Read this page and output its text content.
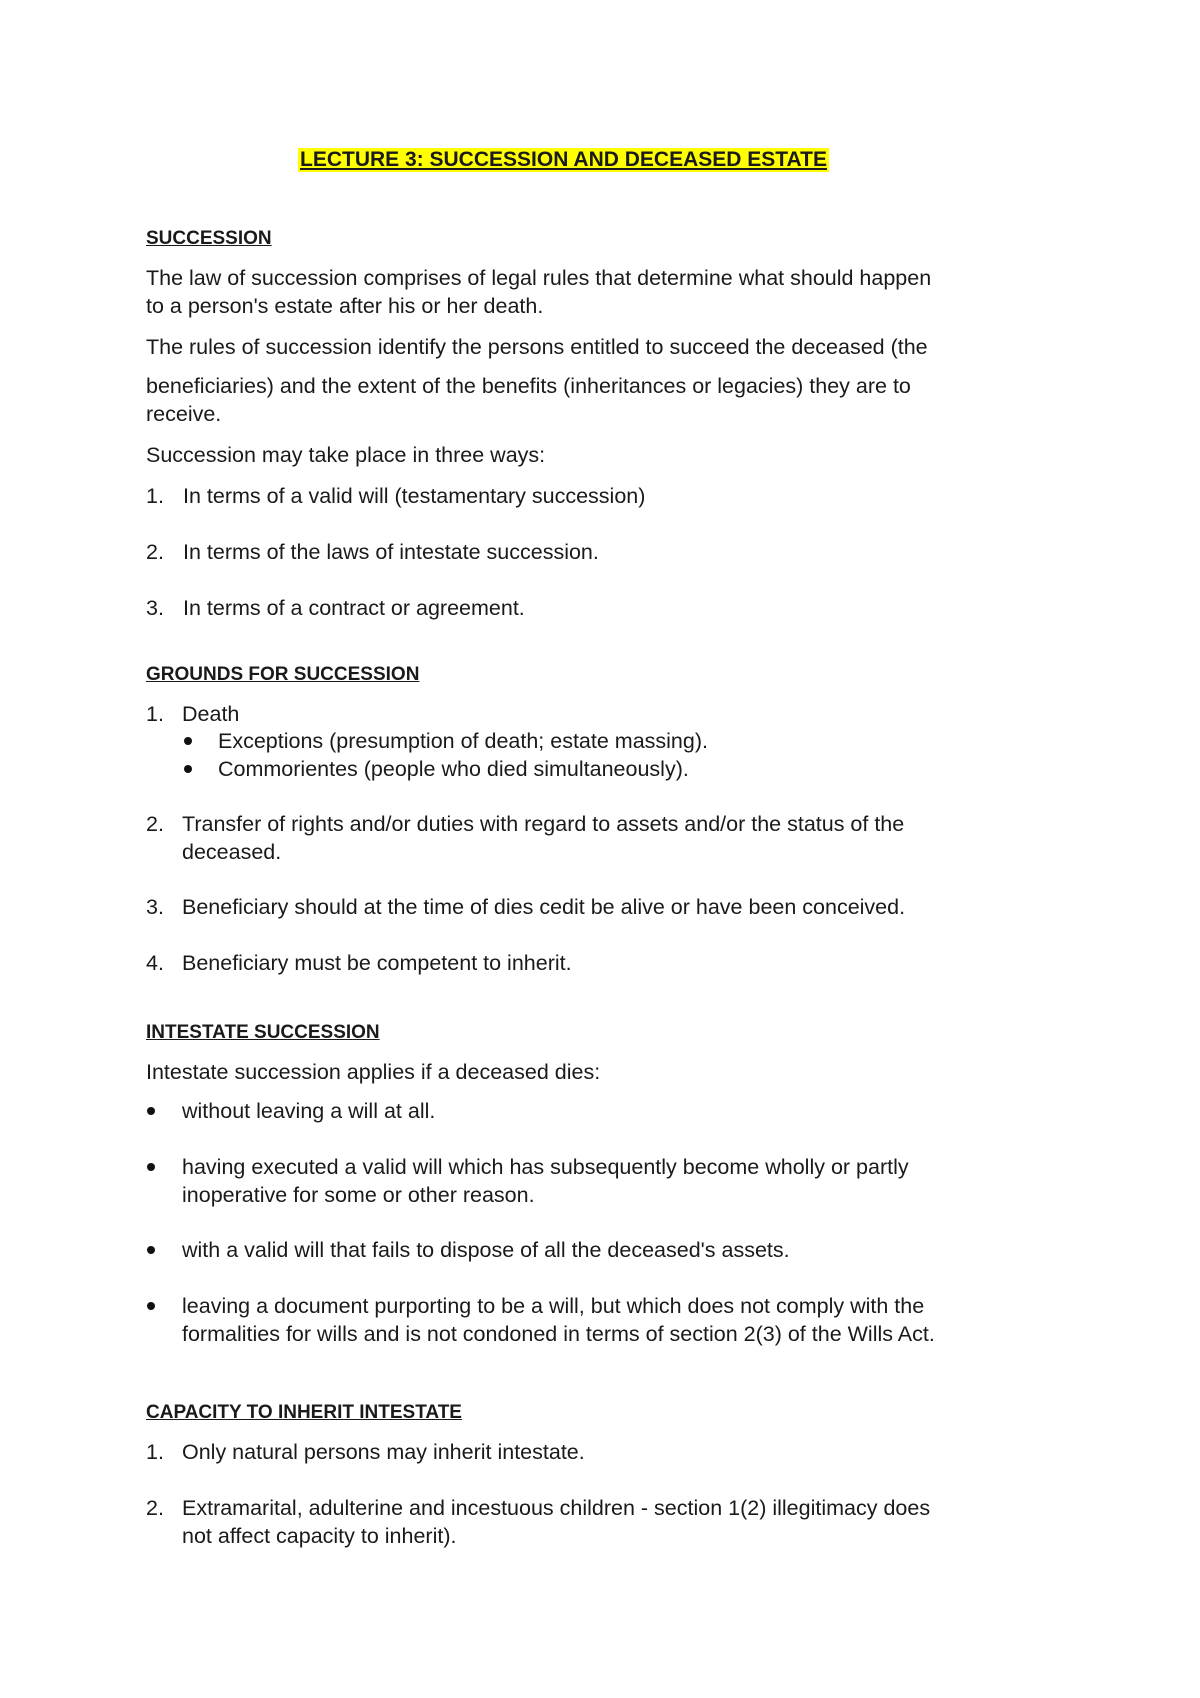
LECTURE 3: SUCCESSION AND DECEASED ESTATE
SUCCESSION
The law of succession comprises of legal rules that determine what should happen
to a person's estate after his or her death.
The rules of succession identify the persons entitled to succeed the deceased (the
beneficiaries) and the extent of the benefits (inheritances or legacies) they are to
receive.
Succession may take place in three ways:
1. In terms of a valid will (testamentary succession)
2. In terms of the laws of intestate succession.
3. In terms of a contract or agreement.
GROUNDS FOR SUCCESSION
1. Death
Exceptions (presumption of death; estate massing).
Commorientes (people who died simultaneously).
2. Transfer of rights and/or duties with regard to assets and/or the status of the
deceased.
3. Beneficiary should at the time of dies cedit be alive or have been conceived.
4. Beneficiary must be competent to inherit.
INTESTATE SUCCESSION
Intestate succession applies if a deceased dies:
without leaving a will at all.
having executed a valid will which has subsequently become wholly or partly
inoperative for some or other reason.
with a valid will that fails to dispose of all the deceased's assets.
leaving a document purporting to be a will, but which does not comply with the
formalities for wills and is not condoned in terms of section 2(3) of the Wills Act.
CAPACITY TO INHERIT INTESTATE
1. Only natural persons may inherit intestate.
2. Extramarital, adulterine and incestuous children - section 1(2) illegitimacy does
not affect capacity to inherit).
